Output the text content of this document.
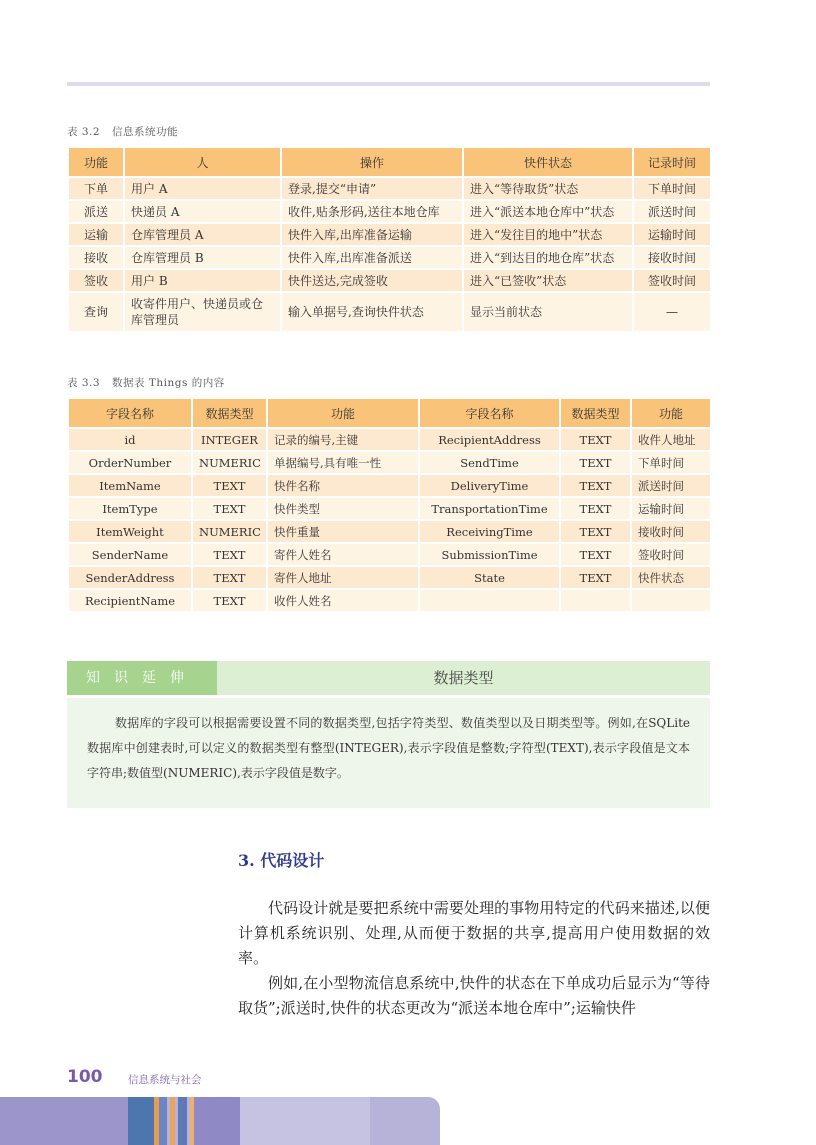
表 3.2 信息系统功能
功能	人	操作	快件状态	记录时间
下单	用户 A	登录,提交“申请”	进入“等待取货”状态	下单时间
派送	快递员 A	收件,贴条形码,送往本地仓库	进入“派送本地仓库中”状态	派送时间
运输	仓库管理员 A	快件入库,出库准备运输	进入“发往目的地中”状态	运输时间
接收	仓库管理员 B	快件入库,出库准备派送	进入“到达目的地仓库”状态	接收时间
签收	用户 B	快件送达,完成签收	进入“已签收”状态	签收时间
查询	收寄件用户、快递员或仓库管理员	输入单据号,查询快件状态	显示当前状态	—
表 3.3 数据表 Things 的内容
字段名称	数据类型	功能	字段名称	数据类型	功能
id	INTEGER	记录的编号,主键	RecipientAddress	TEXT	收件人地址
OrderNumber	NUMERIC	单据编号,具有唯一性	SendTime	TEXT	下单时间
ItemName	TEXT	快件名称	DeliveryTime	TEXT	派送时间
ItemType	TEXT	快件类型	TransportationTime	TEXT	运输时间
ItemWeight	NUMERIC	快件重量	ReceivingTime	TEXT	接收时间
SenderName	TEXT	寄件人姓名	SubmissionTime	TEXT	签收时间
SenderAddress	TEXT	寄件人地址	State	TEXT	快件状态
RecipientName	TEXT	收件人姓名			
知识延伸	数据类型
数据库的字段可以根据需要设置不同的数据类型,包括字符类型、数值类型以及日期类型等。例如,在SQLite 数据库中创建表时,可以定义的数据类型有整型(INTEGER),表示字段值是整数;字符型(TEXT),表示字段值是文本字符串;数值型(NUMERIC),表示字段值是数字。
3. 代码设计
代码设计就是要把系统中需要处理的事物用特定的代码来描述,以便计算机系统识别、处理,从而便于数据的共享,提高用户使用数据的效率。
例如,在小型物流信息系统中,快件的状态在下单成功后显示为“等待取货”;派送时,快件的状态更改为“派送本地仓库中”;运输快件
100 信息系统与社会
